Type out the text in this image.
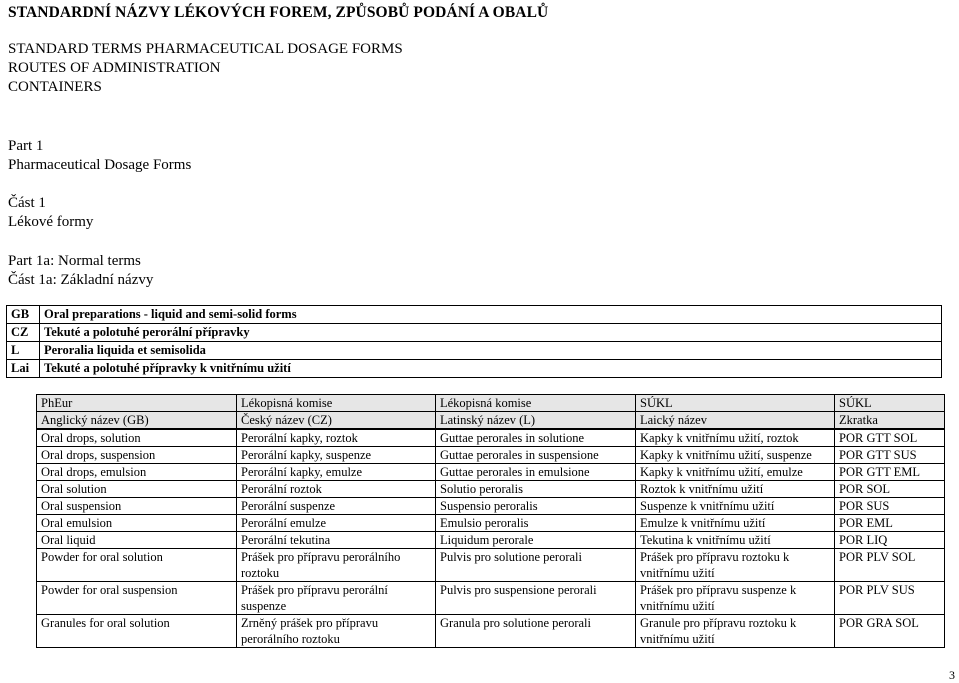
STANDARDNÍ NÁZVY LÉKOVÝCH FOREM, ZPŮSOBŮ PODÁNÍ A OBALŮ
STANDARD TERMS PHARMACEUTICAL DOSAGE FORMS
ROUTES OF ADMINISTRATION
CONTAINERS
Part 1
Pharmaceutical Dosage Forms
Část 1
Lékové formy
Part 1a: Normal terms
Část 1a: Základní názvy
GB	Oral preparations - liquid and semi-solid forms
CZ	Tekuté a polotuhé perorální přípravky
L	Peroralia liquida et semisolida
Lai	Tekuté a polotuhé přípravky k vnitřnímu užití
PhEur	Lékopisná komise	Lékopisná komise	SÚKL	SÚKL
Anglický název (GB)	Český název (CZ)	Latinský název (L)	Laický název	Zkratka
Oral drops, solution	Perorální kapky, roztok	Guttae perorales in solutione	Kapky k vnitřnímu užití, roztok	POR GTT SOL
Oral drops, suspension	Perorální kapky, suspenze	Guttae perorales in suspensione	Kapky k vnitřnímu užití, suspenze	POR GTT SUS
Oral drops, emulsion	Perorální kapky, emulze	Guttae perorales in emulsione	Kapky k vnitřnímu užití, emulze	POR GTT EML
Oral solution	Perorální roztok	Solutio peroralis	Roztok k vnitřnímu užití	POR SOL
Oral suspension	Perorální suspenze	Suspensio peroralis	Suspenze k vnitřnímu užití	POR SUS
Oral emulsion	Perorální emulze	Emulsio peroralis	Emulze k vnitřnímu užití	POR EML
Oral liquid	Perorální tekutina	Liquidum perorale	Tekutina k vnitřnímu užití	POR LIQ
Powder for oral solution	Prášek pro přípravu perorálního roztoku	Pulvis pro solutione perorali	Prášek pro přípravu roztoku k vnitřnímu užití	POR PLV SOL
Powder for oral suspension	Prášek pro přípravu perorální suspenze	Pulvis pro suspensione perorali	Prášek pro přípravu suspenze k vnitřnímu užití	POR PLV SUS
Granules for oral solution	Zrněný prášek pro přípravu perorálního roztoku	Granula pro solutione perorali	Granule pro přípravu roztoku k vnitřnímu užití	POR GRA SOL
3
